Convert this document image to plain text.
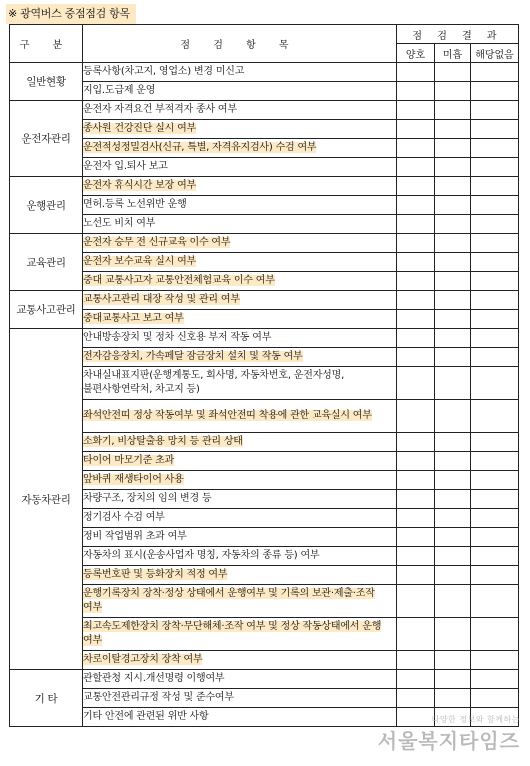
※ 광역버스 중점점검 항목
구 분	점 검 항 목	점 검 결 과		
		양호	미흡	해당없음
일반현황	등록사항(차고지, 영업소) 변경 미신고			
	지입.도급제 운영			
운전자관리	운전자 자격요건 부적격자 종사 여부			
	종사원 건강진단 실시 여부			
	운전적성정밀검사(신규, 특별, 자격유지검사) 수검 여부			
	운전자 입.퇴사 보고			
운행관리	운전자 휴식시간 보장 여부			
	면허.등록 노선위반 운행			
	노선도 비치 여부			
교육관리	운전자 승무 전 신규교육 이수 여부			
	운전자 보수교육 실시 여부			
	중대 교통사고자 교통안전체험교육 이수 여부			
교통사고관리	교통사고관리 대장 작성 및 관리 여부			
	중대교통사고 보고 여부			
자동차관리	안내방송장치 및 정차 신호용 부저 작동 여부			
	전자감응장치, 가속페달 잠금장치 설치 및 작동 여부			
	차내실내표지판(운행계통도, 회사명, 자동차번호, 운전자성명, 불편사항연락처, 차고지 등)			
	좌석안전띠 정상 작동여부 및 좌석안전띠 착용에 관한 교육실시 여부			
	소화기, 비상탈출용 망치 등 관리 상태			
	타이어 마모기준 초과			
	앞바퀴 재생타이어 사용			
	차량구조, 장치의 임의 변경 등			
	정기검사 수검 여부			
	정비 작업범위 초과 여부			
	자동차의 표시(운송사업자 명칭, 자동차의 종류 등) 여부			
	등록번호판 및 등화장치 적정 여부			
	운행기록장치 장착·정상 상태에서 운행여부 및 기록의 보관·제출·조작 여부			
	최고속도제한장치 장착·무단해체·조작 여부 및 정상 작동상태에서 운행 여부			
	차로이탈경고장치 장착 여부			
기 타	관할관청 지시.개선명령 이행여부			
	교통안전관리규정 작성 및 준수여부			
	기타 안전에 관련된 위반 사항				다양한 정보와 함께하는
서울복지타임즈
